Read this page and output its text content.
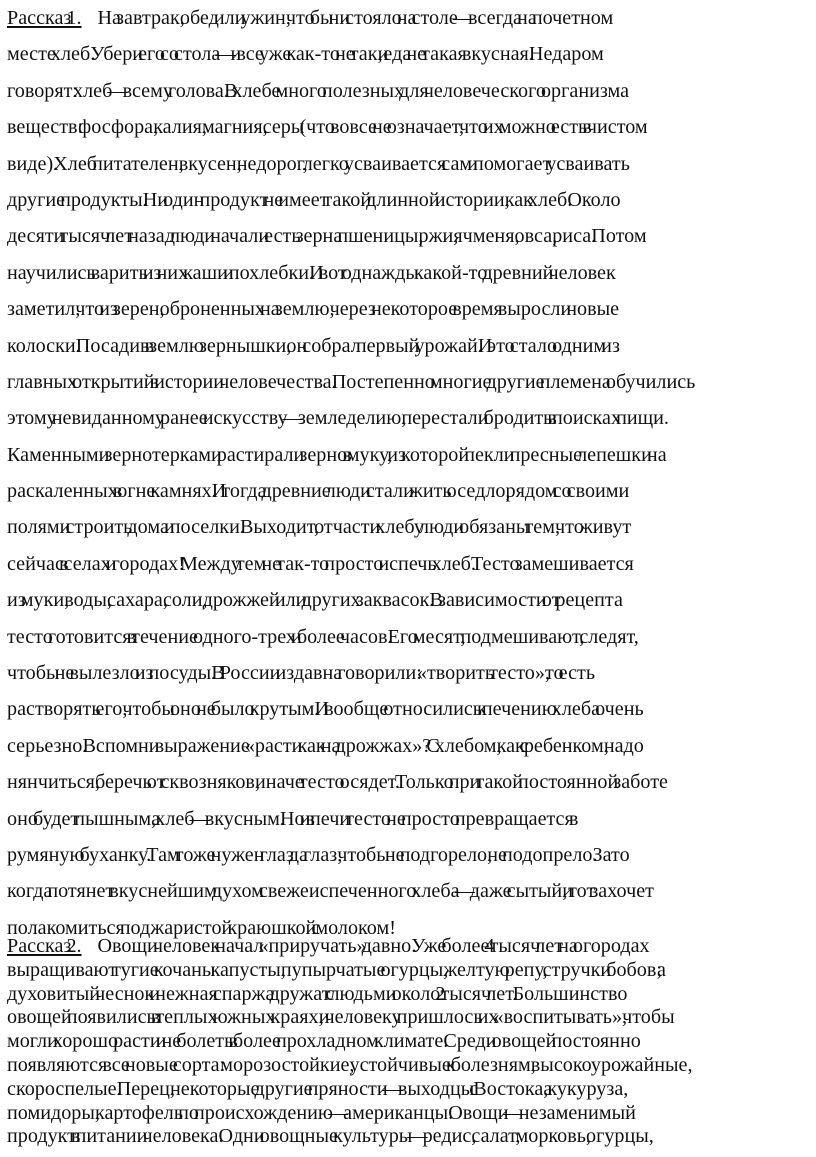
Рассказ 1. На завтрак, обед или ужин, что бы ни стояло на столе — всегда на почетном
месте хлеб. Убери его со стола — и все уже как-то не так, и еда не такая вкусная. Недаром
говорят: хлеб — всему голова. В хлебе много полезных для человеческого организма
веществ: фосфора, калия, магния, серы (что вовсе не означает, что их можно есть в чистом
виде). Хлеб питателен, вкусен, недорог, легко усваивается сам и помогает усваивать
другие продукты. Ни один продукт не имеет такой длинной истории, как хлеб. Около
десяти тысяч лет назад люди начали есть зерна пшеницы, ржи, ячменя, овса, риса. Потом
научились варить из них каши и похлебки. И вот однажды какой-то древний человек
заметил, что из зерен, оброненных на землю, через некоторое время выросли новые
колоски. Посадив в землю зернышки, он собрал первый урожай. И это стало одним из
главных открытий в истории человечества. Постепенно многие другие племена обучились
этому невиданному ранее искусству — земледелию, перестали бродить в поисках пищи.
Каменными зернотерками растирали зерно в муку, из которой пекли пресные лепешки на
раскаленных в огне камнях. И тогда древние люди стали жить оседло, рядом со своими
полями строить дома и поселки. Выходит, отчасти хлебу люди обязаны тем, что живут
сейчас в селах и городах! Между тем не так-то просто испечь хлеб. Тесто замешивается
из муки, воды, сахара, соли, дрожжей или других заквасок. В зависимости от рецепта
тесто готовится в течение одного-трех и более часов. Его месят, подмешивают, следят,
чтобы не вылезло из посуды. В России издавна говорили: «творить тесто», то есть
растворять его, чтобы оно не было крутым. И вообще относились к печению хлеба очень
серьезно. Вспомни выражение «расти как на дрожжах»? С хлебом, как с ребенком, надо
нянчиться, беречь от сквозняков, иначе тесто осядет. Только при такой постоянной заботе
оно будет пышным, а хлеб — вкусным. Но и в печи тесто не просто превращается в
румяную буханку. Там тоже нужен глаз да глаз, чтобы не подгорело, не подопрело. Зато
когда потянет вкуснейшим духом свежеиспеченного хлеба — даже сытый, и тот захочет
полакомиться поджаристой краюшкой с молоком!
Рассказ 2. Овощи человек начал «приручать» давно. Уже более 4 тысяч лет на огородах
выращивают тугие кочаны капусты, пупырчатые огурцы, желтую репу, стручки бобов; а
духовитый чеснок и нежная спаржа дружат с людьми около 2 тысяч лет. Большинство
овощей появились в теплых южных краях, и человеку пришлось их «воспитывать», чтобы
могли хорошо расти и не болеть в более прохладном климате. Среди овощей постоянно
появляются все новые сорта: морозостойкие, устойчивые к болезням, высокоурожайные,
скороспелые. Перец, некоторые другие пряности — выходцы с Востока, а кукуруза,
помидоры, картофель по происхождению — американцы. Овощи — незаменимый
продукт в питании человека. Одни овощные культуры — редис, салат, морковь, огурцы,
